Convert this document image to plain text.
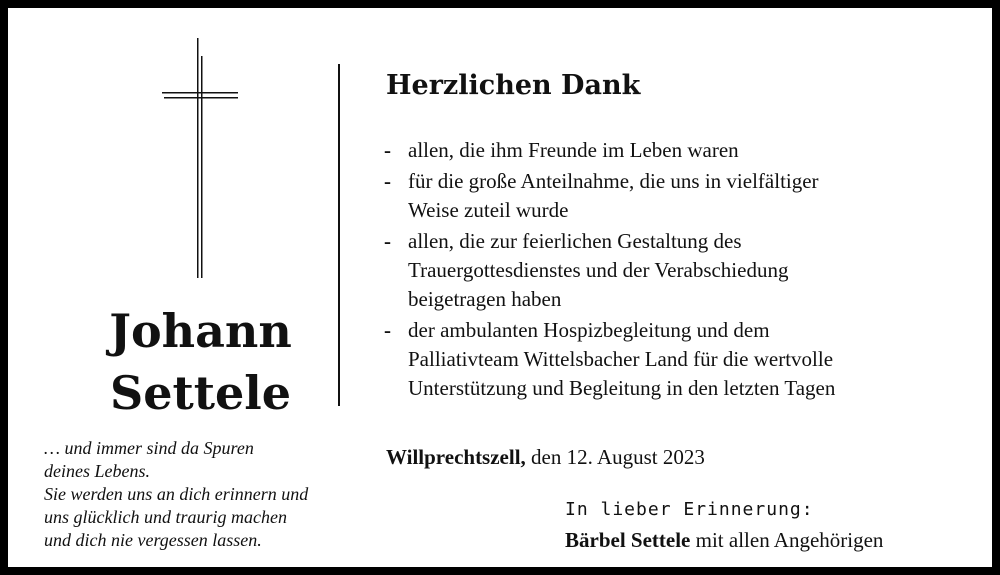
Johann
Settele
… und immer sind da Spuren
deines Lebens.
Sie werden uns an dich erinnern und
uns glücklich und traurig machen
und dich nie vergessen lassen.
Herzlichen Dank
- allen, die ihm Freunde im Leben waren
- für die große Anteilnahme, die uns in vielfältiger
Weise zuteil wurde
- allen, die zur feierlichen Gestaltung des
Trauergottesdienstes und der Verabschiedung
beigetragen haben
- der ambulanten Hospizbegleitung und dem
Palliativteam Wittelsbacher Land für die wertvolle
Unterstützung und Begleitung in den letzten Tagen
Willprechtszell, den 12. August 2023
In lieber Erinnerung:
Bärbel Settele mit allen Angehörigen
